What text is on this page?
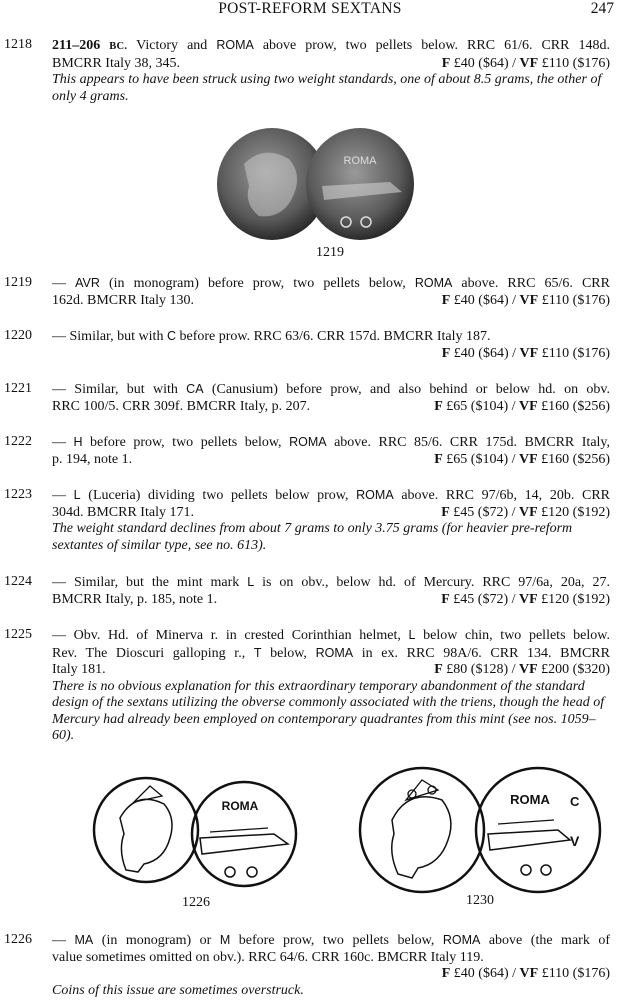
POST-REFORM SEXTANS	247
1218 211–206 BC. Victory and ROMA above prow, two pellets below. RRC 61/6. CRR 148d.
BMCRR Italy 38, 345.	F £40 ($64) / VF £110 ($176)
This appears to have been struck using two weight standards, one of about 8.5 grams, the other of only 4 grams.
ROMA
1219
1219 — AVR (in monogram) before prow, two pellets below, ROMA above. RRC 65/6. CRR
162d. BMCRR Italy 130.	F £40 ($64) / VF £110 ($176)
1220 — Similar, but with C before prow. RRC 63/6. CRR 157d. BMCRR Italy 187.
F £40 ($64) / VF £110 ($176)
1221 — Similar, but with CA (Canusium) before prow, and also behind or below hd. on obv.
RRC 100/5. CRR 309f. BMCRR Italy, p. 207.	F £65 ($104) / VF £160 ($256)
1222 — H before prow, two pellets below, ROMA above. RRC 85/6. CRR 175d. BMCRR Italy,
p. 194, note 1.	F £65 ($104) / VF £160 ($256)
1223 — L (Luceria) dividing two pellets below prow, ROMA above. RRC 97/6b, 14, 20b. CRR
304d. BMCRR Italy 171.	F £45 ($72) / VF £120 ($192)
The weight standard declines from about 7 grams to only 3.75 grams (for heavier pre-reform sextantes of similar type, see no. 613).
1224 — Similar, but the mint mark L is on obv., below hd. of Mercury. RRC 97/6a, 20a, 27.
BMCRR Italy, p. 185, note 1.	F £45 ($72) / VF £120 ($192)
1225 — Obv. Hd. of Minerva r. in crested Corinthian helmet, L below chin, two pellets below.
Rev. The Dioscuri galloping r., T below, ROMA in ex. RRC 98A/6. CRR 134. BMCRR
Italy 181.	F £80 ($128) / VF £200 ($320)
There is no obvious explanation for this extraordinary temporary abandonment of the standard design of the sextans utilizing the obverse commonly associated with the triens, though the head of Mercury had already been employed on contemporary quadrantes from this mint (see nos. 1059–60).
ROMA
1226
ROMA C
V
1230
1226 — MA (in monogram) or M before prow, two pellets below, ROMA above (the mark of
value sometimes omitted on obv.). RRC 64/6. CRR 160c. BMCRR Italy 119.
F £40 ($64) / VF £110 ($176)
Coins of this issue are sometimes overstruck.
